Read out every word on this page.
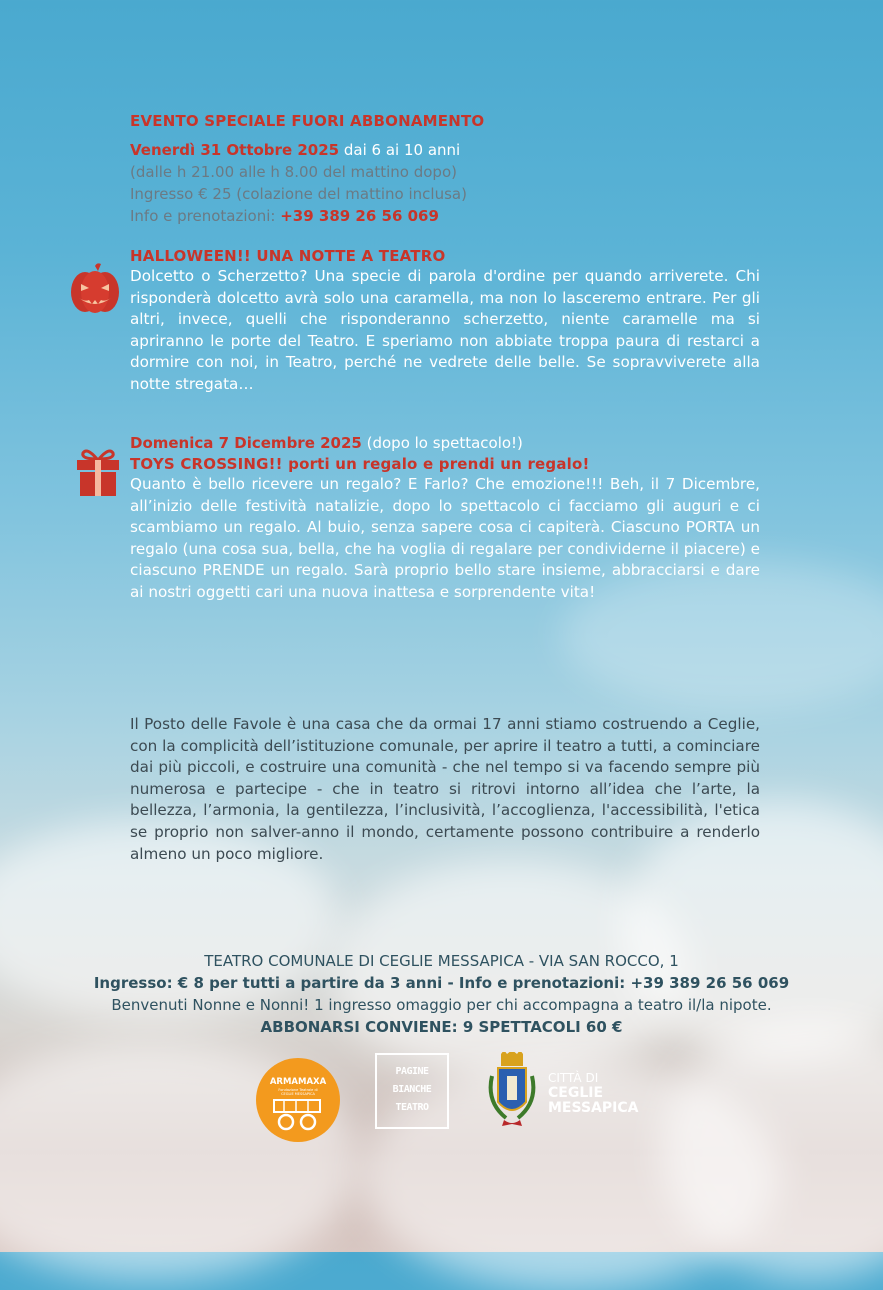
EVENTO SPECIALE FUORI ABBONAMENTO
Venerdì 31 Ottobre 2025 dai 6 ai 10 anni
(dalle h 21.00 alle h 8.00 del mattino dopo)
Ingresso € 25 (colazione del mattino inclusa)
Info e prenotazioni: +39 389 26 56 069
HALLOWEEN!! UNA NOTTE A TEATRO

Dolcetto o Scherzetto? Una specie di parola d'ordine per quando arriverete. Chi risponderà dolcetto avrà solo una caramella, ma non lo lasceremo entrare. Per gli altri, invece, quelli che risponderanno scherzetto, niente caramelle ma si apriranno le porte del Teatro. E speriamo non abbiate troppa paura di restarci a dormire con noi, in Teatro, perché ne vedrete delle belle. Se sopravviverete alla notte stregata…

Domenica 7 Dicembre 2025 (dopo lo spettacolo!)
TOYS CROSSING!! porti un regalo e prendi un regalo!

Quanto è bello ricevere un regalo? E Farlo? Che emozione!!! Beh, il 7 Dicembre, all’inizio delle festività natalizie, dopo lo spettacolo ci facciamo gli auguri e ci scambiamo un regalo. Al buio, senza sapere cosa ci capiterà. Ciascuno PORTA un regalo (una cosa sua, bella, che ha voglia di regalare per condividerne il piacere) e ciascuno PRENDE un regalo. Sarà proprio bello stare insieme, abbracciarsi e dare ai nostri oggetti cari una nuova inattesa e sorprendente vita!

Il Posto delle Favole è una casa che da ormai 17 anni stiamo costruendo a Ceglie, con la complicità dell’istituzione comunale, per aprire il teatro a tutti, a cominciare dai più piccoli, e costruire una comunità - che nel tempo si va facendo sempre più numerosa e partecipe - che in teatro si ritrovi intorno all’idea che l’arte, la bellezza, l’armonia, la gentilezza, l’inclusività, l’accoglienza, l'accessibilità, l'etica se proprio non salver-anno il mondo, certamente possono contribuire a renderlo almeno un poco migliore.

TEATRO COMUNALE DI CEGLIE MESSAPICA - VIA SAN ROCCO, 1
Ingresso: € 8 per tutti a partire da 3 anni - Info e prenotazioni: +39 389 26 56 069
Benvenuti Nonne e Nonni! 1 ingresso omaggio per chi accompagna a teatro il/la nipote.
ABBONARSI CONVIENE: 9 SPETTACOLI 60 €
ARMAMAXA
Fondazione Teatrale di CEGLIE MESSAPICA
PAGINE
BIANCHE
TEATRO
CITTÀ DI
CEGLIE
MESSAPICA
